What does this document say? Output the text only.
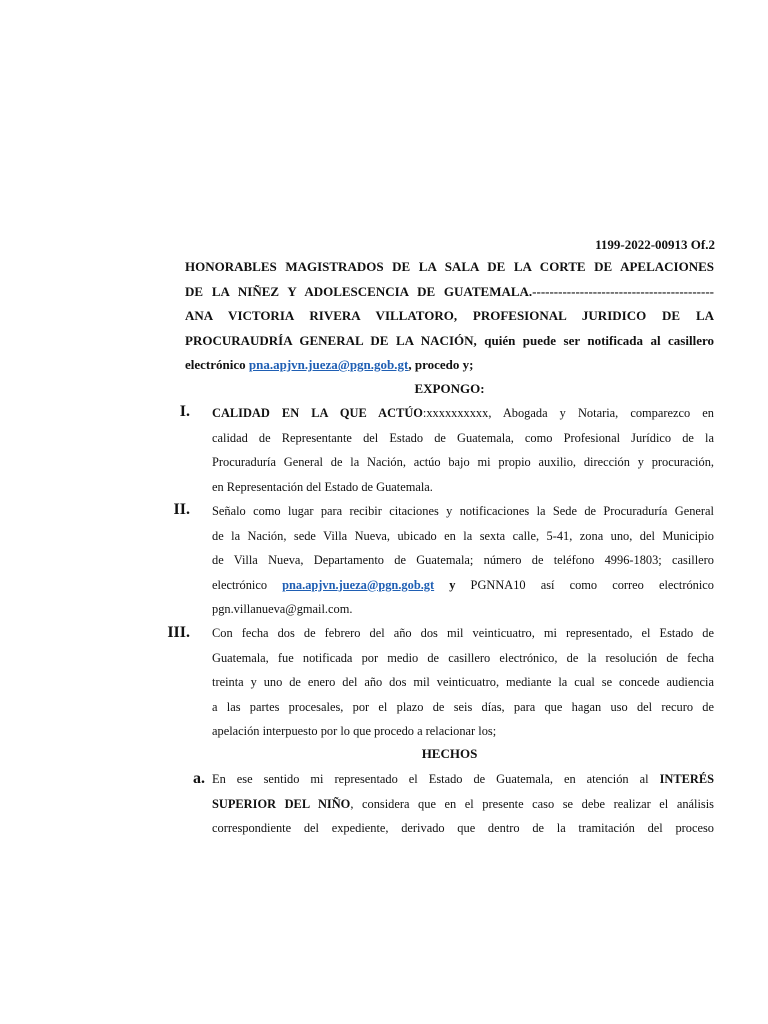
1199-2022-00913 Of.2
HONORABLES MAGISTRADOS DE LA SALA DE LA CORTE DE APELACIONES
DE LA NIÑEZ Y ADOLESCENCIA DE GUATEMALA.------------------------------------------
ANA VICTORIA RIVERA VILLATORO, PROFESIONAL JURIDICO DE LA
PROCURAUDRÍA GENERAL DE LA NACIÓN, quién puede ser notificada al casillero
electrónico pna.apjvn.jueza@pgn.gob.gt, procedo y;
EXPONGO:
I. CALIDAD EN LA QUE ACTÚO:xxxxxxxxxx, Abogada y Notaria, comparezco en
calidad de Representante del Estado de Guatemala, como Profesional Jurídico de la
Procuraduría General de la Nación, actúo bajo mi propio auxilio, dirección y procuración,
en Representación del Estado de Guatemala.
II. Señalo como lugar para recibir citaciones y notificaciones la Sede de Procuraduría General
de la Nación, sede Villa Nueva, ubicado en la sexta calle, 5-41, zona uno, del Municipio
de Villa Nueva, Departamento de Guatemala; número de teléfono 4996-1803; casillero
electrónico pna.apjvn.jueza@pgn.gob.gt y PGNNA10 así como correo electrónico
pgn.villanueva@gmail.com.
III. Con fecha dos de febrero del año dos mil veinticuatro, mi representado, el Estado de
Guatemala, fue notificada por medio de casillero electrónico, de la resolución de fecha
treinta y uno de enero del año dos mil veinticuatro, mediante la cual se concede audiencia
a las partes procesales, por el plazo de seis días, para que hagan uso del recuro de
apelación interpuesto por lo que procedo a relacionar los;
HECHOS
a. En ese sentido mi representado el Estado de Guatemala, en atención al INTERÉS
SUPERIOR DEL NIÑO, considera que en el presente caso se debe realizar el análisis
correspondiente del expediente, derivado que dentro de la tramitación del proceso
